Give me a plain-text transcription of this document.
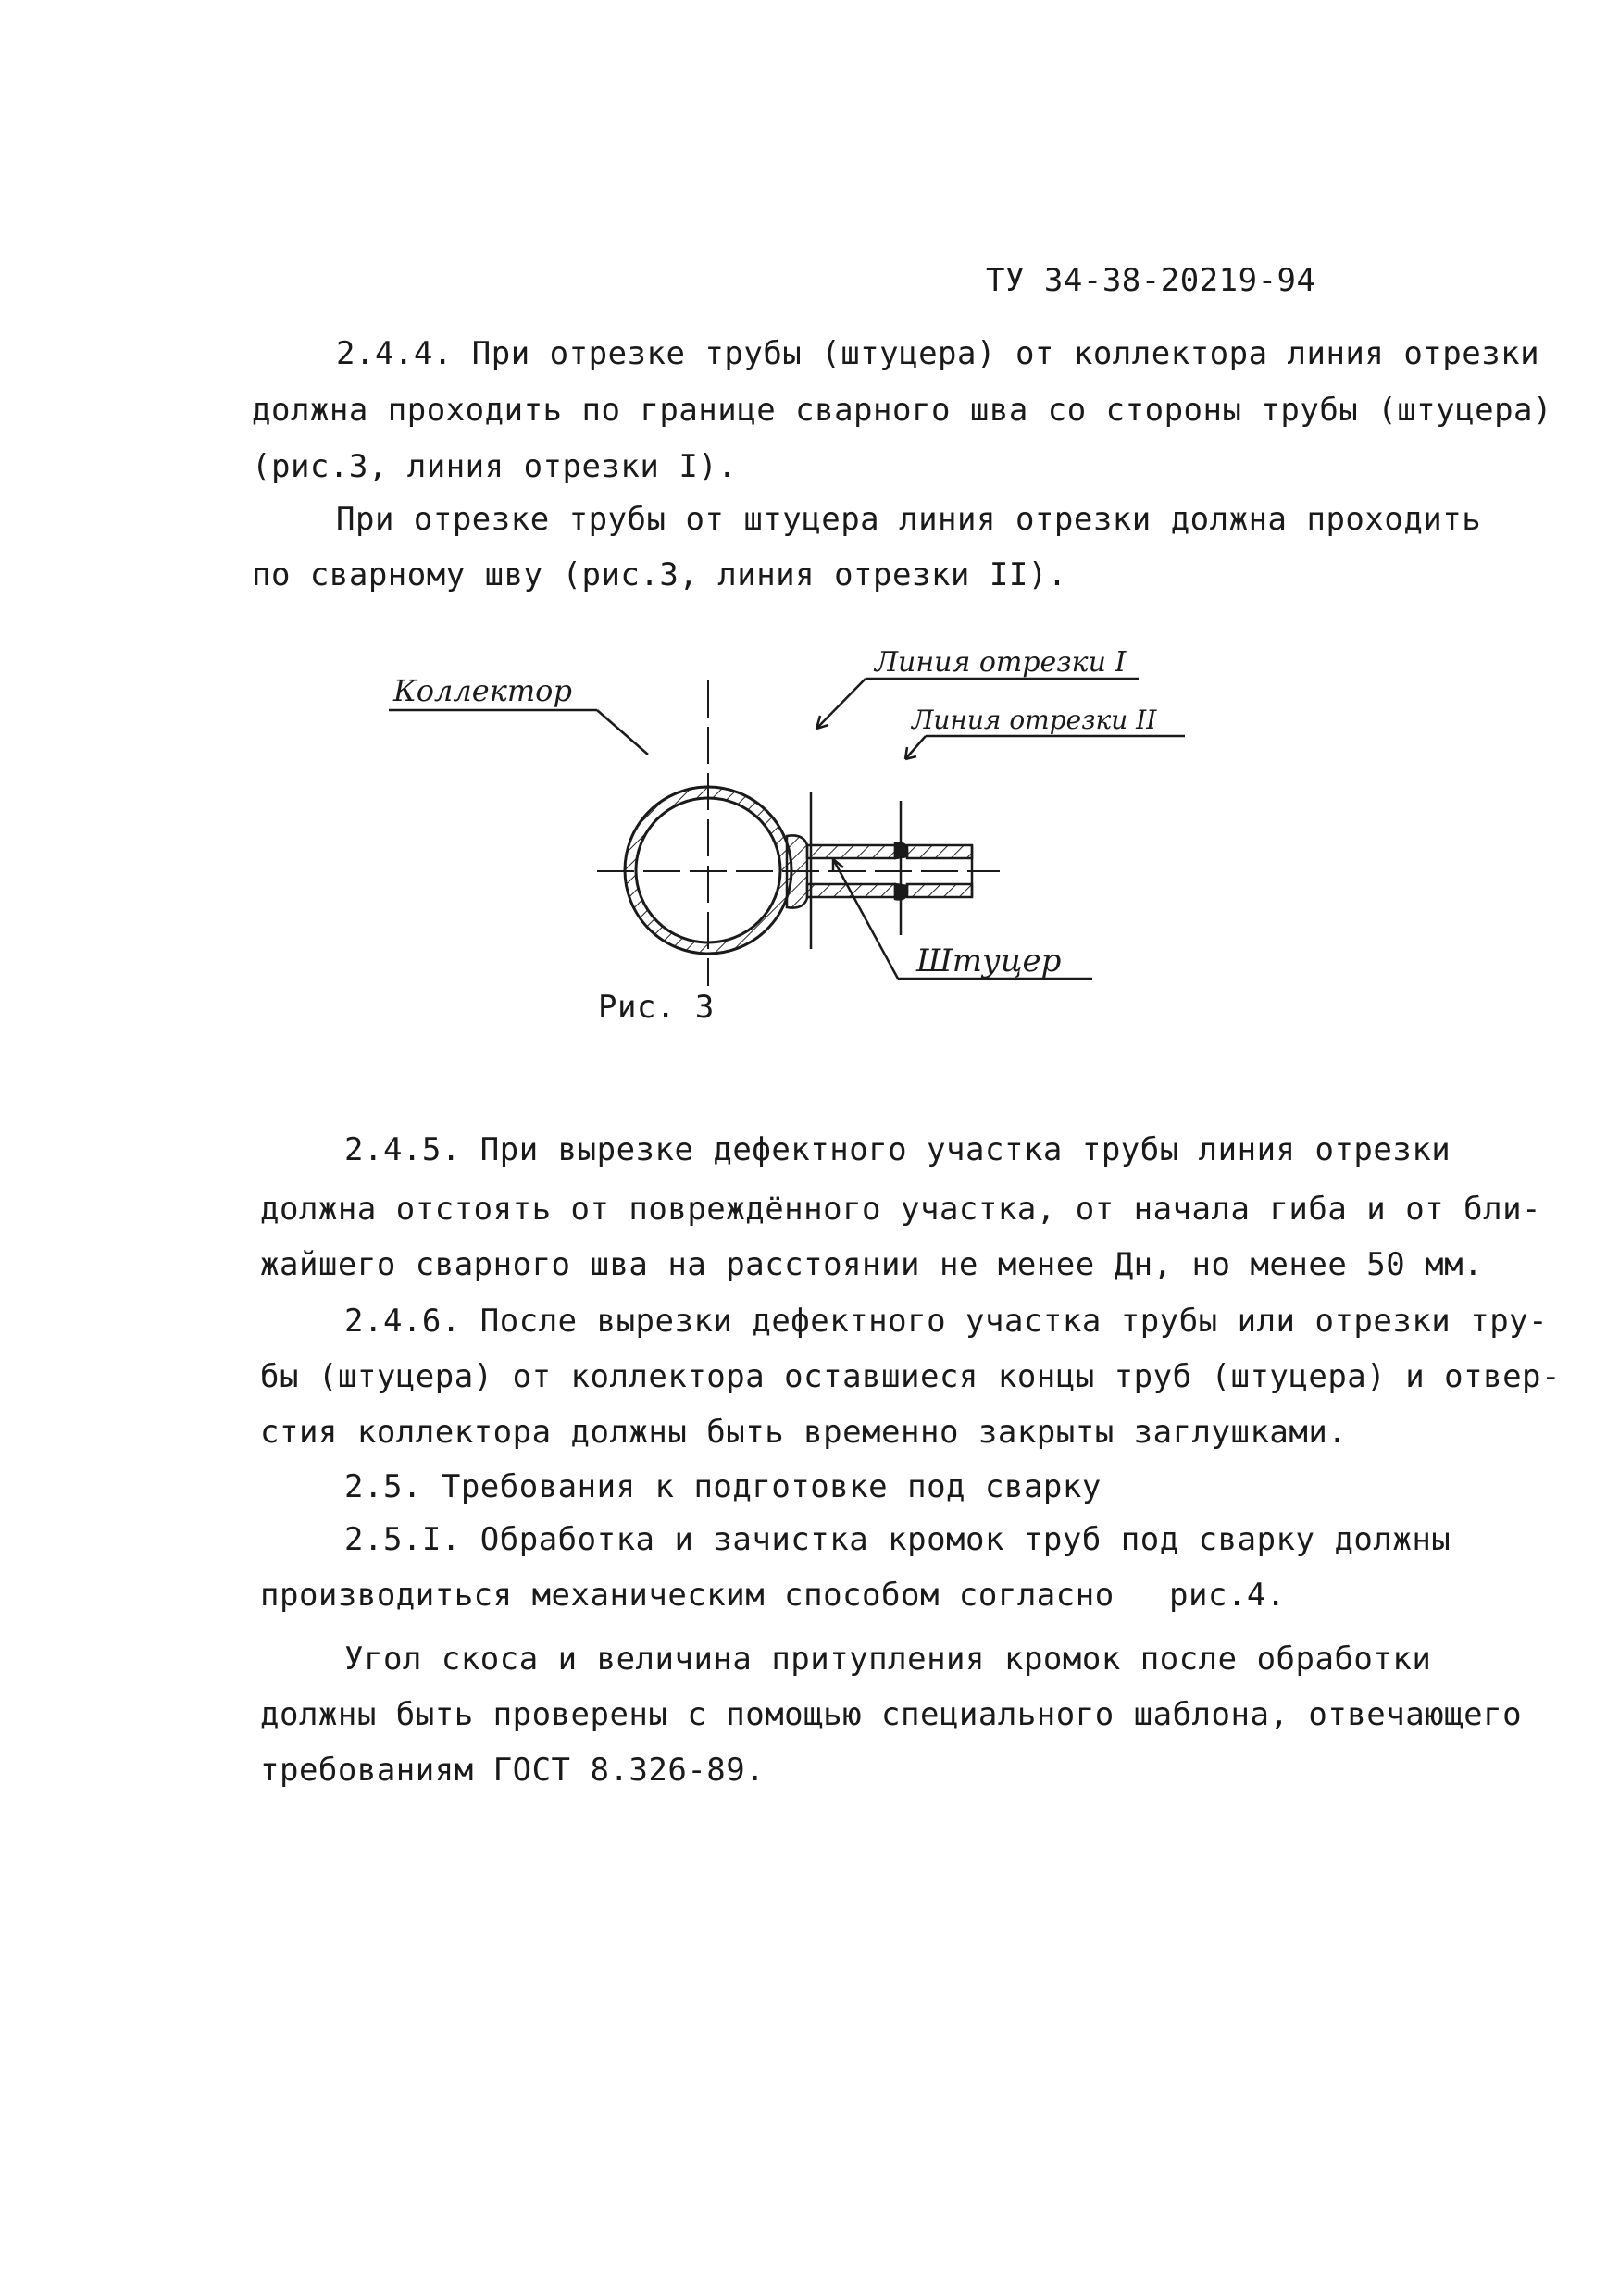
ТУ 34-38-20219-94
2.4.4. При отрезке трубы (штуцера) от коллектора линия отрезки
должна проходить по границе сварного шва со стороны трубы (штуцера)
(рис.3, линия отрезки I).
При отрезке трубы от штуцера линия отрезки должна проходить
по сварному шву (рис.3, линия отрезки II).
Коллектор
Линия отрезки I
Линия отрезки II
Штуцер
Рис. 3
2.4.5. При вырезке дефектного участка трубы линия отрезки
должна отстоять от повреждённого участка, от начала гиба и от бли-
жайшего сварного шва на расстоянии не менее Дн, но менее 50 мм.
2.4.6. После вырезки дефектного участка трубы или отрезки тру-
бы (штуцера) от коллектора оставшиеся концы труб (штуцера) и отвер-
стия коллектора должны быть временно закрыты заглушками.
2.5. Требования к подготовке под сварку
2.5.I. Обработка и зачистка кромок труб под сварку должны
производиться механическим способом согласно рис.4.
Угол скоса и величина притупления кромок после обработки
должны быть проверены с помощью специального шаблона, отвечающего
требованиям ГОСТ 8.326-89.
